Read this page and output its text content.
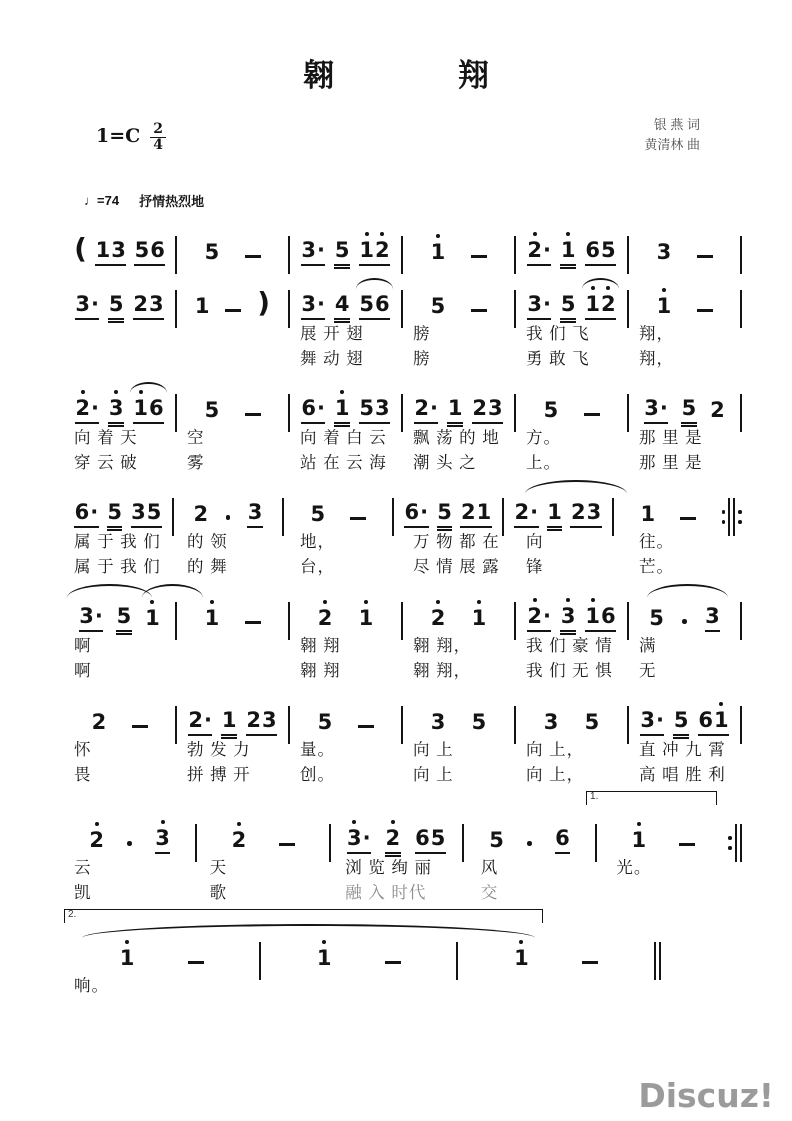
翱　　　　翔
$1=C \frac{2}{4}$	银 燕 词
黄清林 曲
♩=74 抒情热烈地
( 1 3 5 6 5	3 · 5 1 2 1	2 · 1 6 5 3
3 · 5 2 3 1 ) 3 · 4 5 6 5	3 · 5 1 2 1
展 开 翅	膀	我 们 飞	翔，
舞 动 翅	膀	勇 敢 飞	翔，
2 · 3 1 6 5	6 · 1 5 3 2 · 1 2 3 5	3 · 5 2
向 着 天	空	向 着 白 云	飘 荡 的 地	方。	那 里 是
穿 云 破	雾	站 在 云 海	潮 头 之	上。	那 里 是
6 · 5 3 5 2 3 5	6 · 5 2 1 2 · 1 2 3 1
属 于 我 们	的 领	地，	万 物 都 在	向	往。
属 于 我 们	的 舞	台，	尽 情 展 露	锋	芒。
3 · 5 1 1	2 1	2 1 2 · 3 1 6 5 3
啊	翱 翔	翱 翔，	我 们 豪 情	满
啊	翱 翔	翱 翔，	我 们 无 惧	无
2	2 · 1 2 3 5	3 5	3 5 3 · 5 6 1
怀	勃 发 力	量。	向 上	向 上，	直 冲 九 霄
畏	拼 搏 开	创。	向 上	向 上，	高 唱 胜 利
1.
2 3	2	3 · 2 6 5 5 6	1
云	天	浏 览 绚 丽	风	光。
凯	歌	融 入 时代	交
2.
1	1	1
响。
Discuz!
